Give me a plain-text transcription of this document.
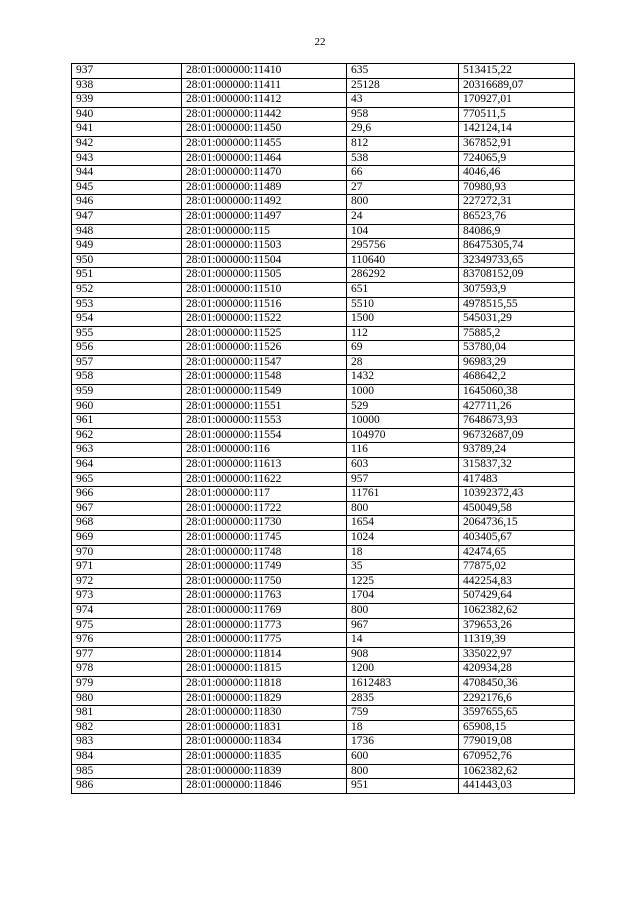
22
937	28:01:000000:11410	635	513415,22
938	28:01:000000:11411	25128	20316689,07
939	28:01:000000:11412	43	170927,01
940	28:01:000000:11442	958	770511,5
941	28:01:000000:11450	29,6	142124,14
942	28:01:000000:11455	812	367852,91
943	28:01:000000:11464	538	724065,9
944	28:01:000000:11470	66	4046,46
945	28:01:000000:11489	27	70980,93
946	28:01:000000:11492	800	227272,31
947	28:01:000000:11497	24	86523,76
948	28:01:000000:115	104	84086,9
949	28:01:000000:11503	295756	86475305,74
950	28:01:000000:11504	110640	32349733,65
951	28:01:000000:11505	286292	83708152,09
952	28:01:000000:11510	651	307593,9
953	28:01:000000:11516	5510	4978515,55
954	28:01:000000:11522	1500	545031,29
955	28:01:000000:11525	112	75885,2
956	28:01:000000:11526	69	53780,04
957	28:01:000000:11547	28	96983,29
958	28:01:000000:11548	1432	468642,2
959	28:01:000000:11549	1000	1645060,38
960	28:01:000000:11551	529	427711,26
961	28:01:000000:11553	10000	7648673,93
962	28:01:000000:11554	104970	96732687,09
963	28:01:000000:116	116	93789,24
964	28:01:000000:11613	603	315837,32
965	28:01:000000:11622	957	417483
966	28:01:000000:117	11761	10392372,43
967	28:01:000000:11722	800	450049,58
968	28:01:000000:11730	1654	2064736,15
969	28:01:000000:11745	1024	403405,67
970	28:01:000000:11748	18	42474,65
971	28:01:000000:11749	35	77875,02
972	28:01:000000:11750	1225	442254,83
973	28:01:000000:11763	1704	507429,64
974	28:01:000000:11769	800	1062382,62
975	28:01:000000:11773	967	379653,26
976	28:01:000000:11775	14	11319,39
977	28:01:000000:11814	908	335022,97
978	28:01:000000:11815	1200	420934,28
979	28:01:000000:11818	1612483	4708450,36
980	28:01:000000:11829	2835	2292176,6
981	28:01:000000:11830	759	3597655,65
982	28:01:000000:11831	18	65908,15
983	28:01:000000:11834	1736	779019,08
984	28:01:000000:11835	600	670952,76
985	28:01:000000:11839	800	1062382,62
986	28:01:000000:11846	951	441443,03
